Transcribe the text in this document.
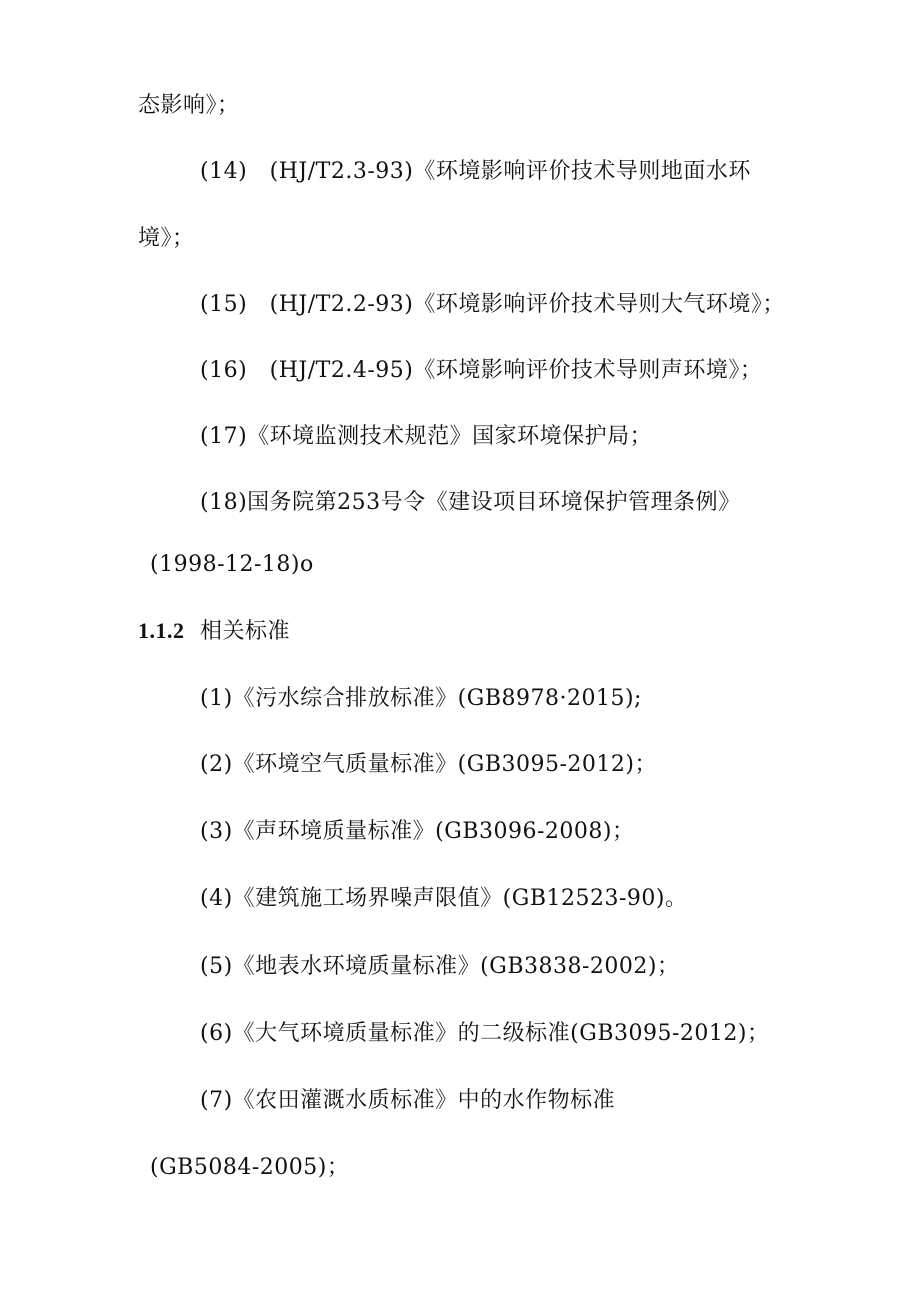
态影响》；
(14)　(HJ/T2.3-93)《环境影响评价技术导则地面水环
境》；
(15)　(HJ/T2.2-93)《环境影响评价技术导则大气环境》；
(16)　(HJ/T2.4-95)《环境影响评价技术导则声环境》；
(17)《环境监测技术规范》国家环境保护局；
(18)国务院第253号令《建设项目环境保护管理条例》
(1998-12-18)o
1.1.2 相关标准
(1)《污水综合排放标准》(GB8978·2015);
(2)《环境空气质量标准》(GB3095-2012)；
(3)《声环境质量标准》(GB3096-2008)；
(4)《建筑施工场界噪声限值》(GB12523-90)。
(5)《地表水环境质量标准》(GB3838-2002)；
(6)《大气环境质量标准》的二级标准(GB3095-2012)；
(7)《农田灌溉水质标准》中的水作物标准
(GB5084-2005)；
